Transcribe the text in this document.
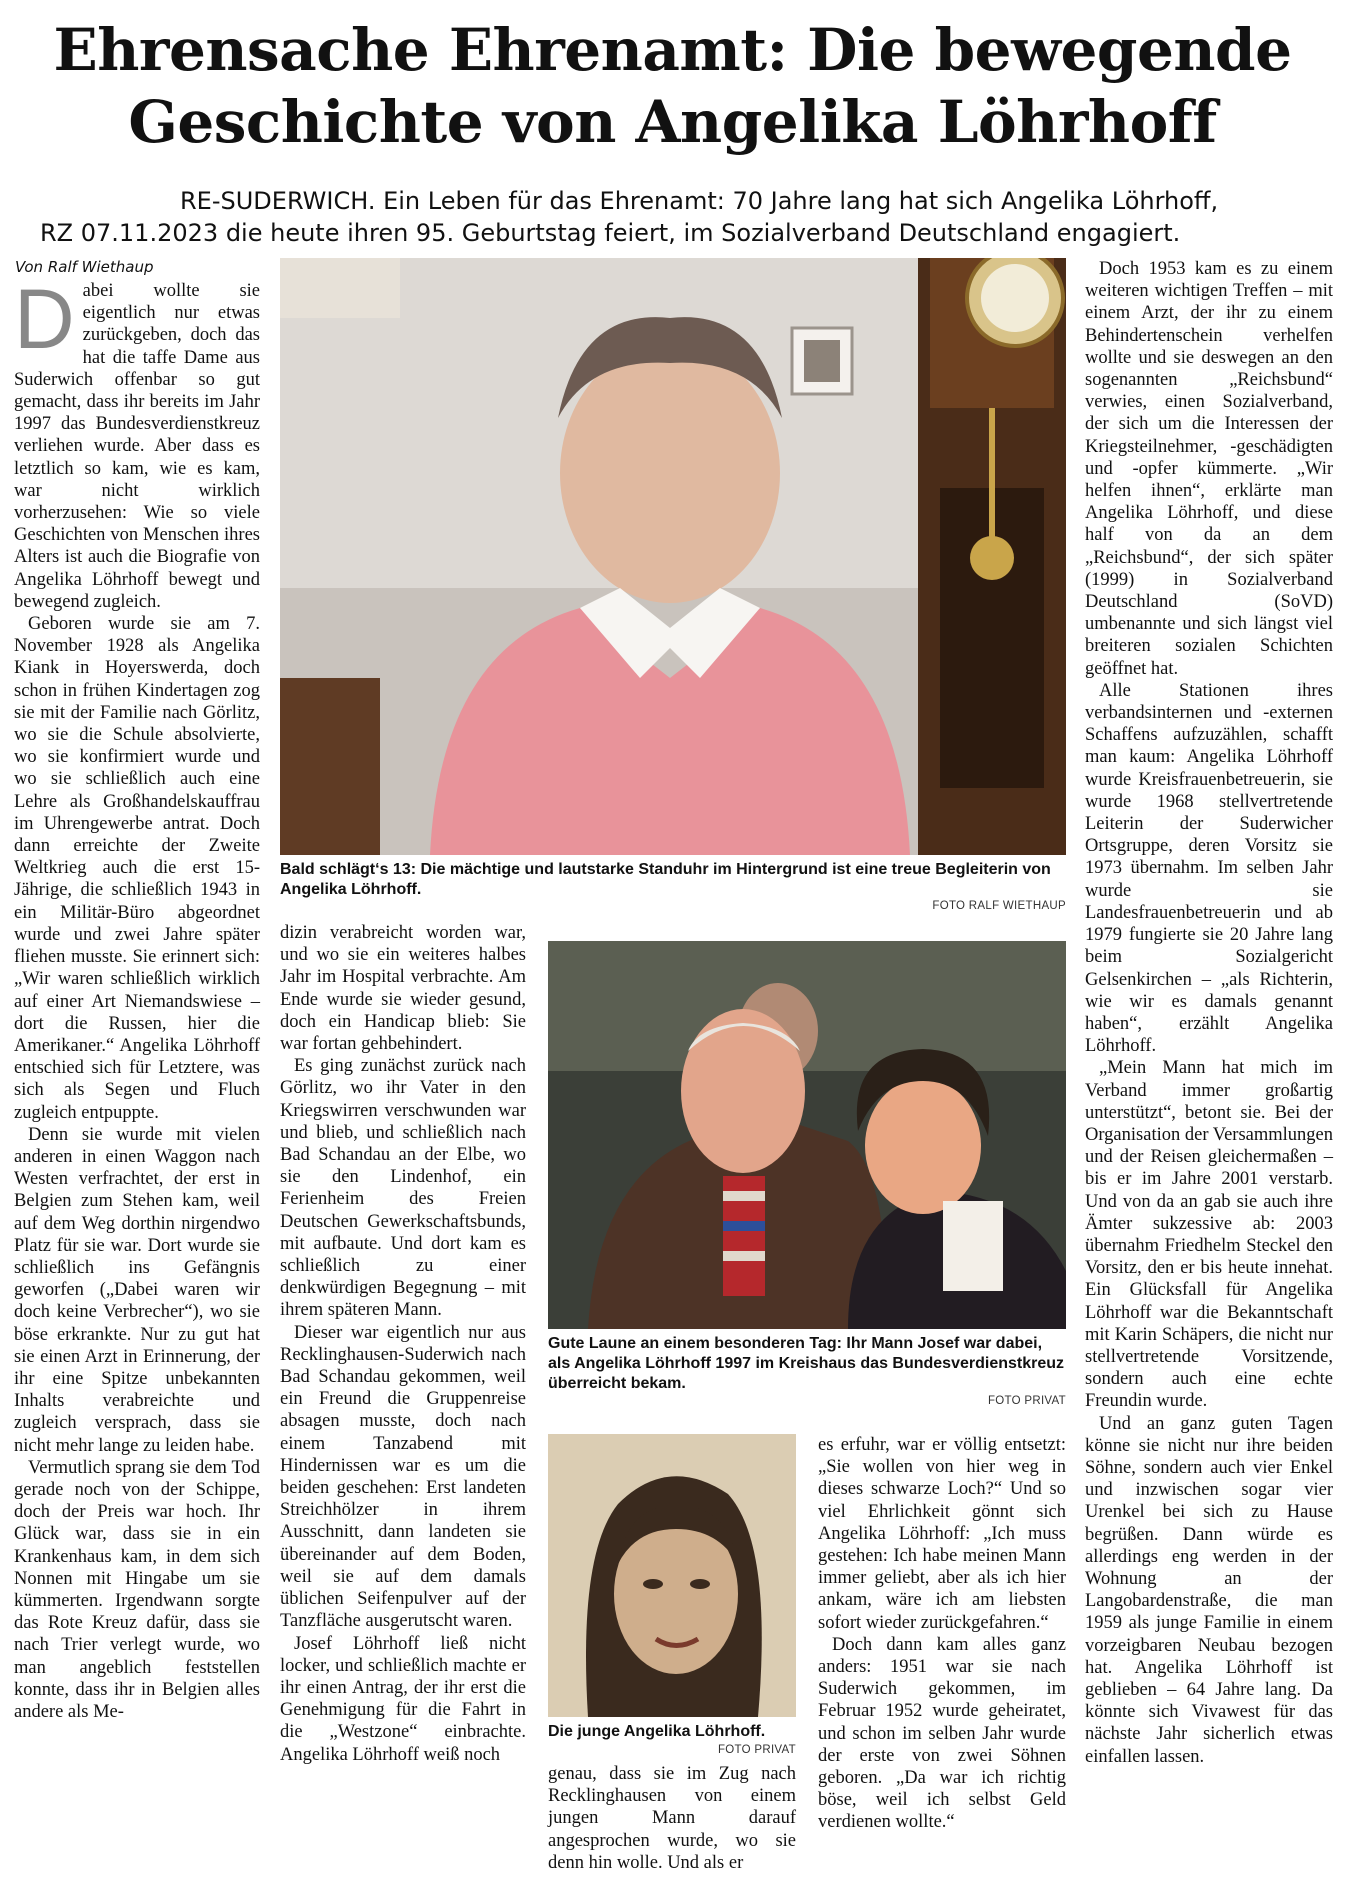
Ehrensache Ehrenamt: Die bewegende
Geschichte von Angelika Löhrhoff
RE-SUDERWICH. Ein Leben für das Ehrenamt: 70 Jahre lang hat sich Angelika Löhrhoff,
RZ 07.11.2023 die heute ihren 95. Geburtstag feiert, im Sozialverband Deutschland engagiert.
Von Ralf Wiethaup

Dabei wollte sie eigentlich nur etwas zurückgeben, doch das hat die taffe Dame aus Suderwich offenbar so gut gemacht, dass ihr bereits im Jahr 1997 das Bundesverdienstkreuz verliehen wurde. Aber dass es letztlich so kam, wie es kam, war nicht wirklich vorherzusehen: Wie so viele Geschichten von Menschen ihres Alters ist auch die Biografie von Angelika Löhrhoff bewegt und bewegend zugleich.

Geboren wurde sie am 7. November 1928 als Angelika Kiank in Hoyerswerda, doch schon in frühen Kindertagen zog sie mit der Familie nach Görlitz, wo sie die Schule absolvierte, wo sie konfirmiert wurde und wo sie schließlich auch eine Lehre als Großhandelskauffrau im Uhrengewerbe antrat. Doch dann erreichte der Zweite Weltkrieg auch die erst 15-Jährige, die schließlich 1943 in ein Militär-Büro abgeordnet wurde und zwei Jahre später fliehen musste. Sie erinnert sich: „Wir waren schließlich wirklich auf einer Art Niemandswiese – dort die Russen, hier die Amerikaner.“ Angelika Löhrhoff entschied sich für Letztere, was sich als Segen und Fluch zugleich entpuppte.

Denn sie wurde mit vielen anderen in einen Waggon nach Westen verfrachtet, der erst in Belgien zum Stehen kam, weil auf dem Weg dorthin nirgendwo Platz für sie war. Dort wurde sie schließlich ins Gefängnis geworfen („Dabei waren wir doch keine Verbrecher“), wo sie böse erkrankte. Nur zu gut hat sie einen Arzt in Erinnerung, der ihr eine Spitze unbekannten Inhalts verabreichte und zugleich versprach, dass sie nicht mehr lange zu leiden habe.

Vermutlich sprang sie dem Tod gerade noch von der Schippe, doch der Preis war hoch. Ihr Glück war, dass sie in ein Krankenhaus kam, in dem sich Nonnen mit Hingabe um sie kümmerten. Irgendwann sorgte das Rote Kreuz dafür, dass sie nach Trier verlegt wurde, wo man angeblich feststellen konnte, dass ihr in Belgien alles andere als Me-

Bald schlägt‘s 13: Die mächtige und lautstarke Standuhr im Hintergrund ist eine treue Begleiterin von Angelika Löhrhoff.
FOTO RALF WIETHAUP

dizin verabreicht worden war, und wo sie ein weiteres halbes Jahr im Hospital verbrachte. Am Ende wurde sie wieder gesund, doch ein Handicap blieb: Sie war fortan gehbehindert.

Es ging zunächst zurück nach Görlitz, wo ihr Vater in den Kriegswirren verschwunden war und blieb, und schließlich nach Bad Schandau an der Elbe, wo sie den Lindenhof, ein Ferienheim des Freien Deutschen Gewerkschaftsbunds, mit aufbaute. Und dort kam es schließlich zu einer denkwürdigen Begegnung – mit ihrem späteren Mann.

Dieser war eigentlich nur aus Recklinghausen-Suderwich nach Bad Schandau gekommen, weil ein Freund die Gruppenreise absagen musste, doch nach einem Tanzabend mit Hindernissen war es um die beiden geschehen: Erst landeten Streichhölzer in ihrem Ausschnitt, dann landeten sie übereinander auf dem Boden, weil sie auf dem damals üblichen Seifenpulver auf der Tanzfläche ausgerutscht waren.

Josef Löhrhoff ließ nicht locker, und schließlich machte er ihr einen Antrag, der ihr erst die Genehmigung für die Fahrt in die „Westzone“ einbrachte. Angelika Löhrhoff weiß noch

Gute Laune an einem besonderen Tag: Ihr Mann Josef war dabei, als Angelika Löhrhoff 1997 im Kreishaus das Bundesverdienstkreuz überreicht bekam.
FOTO PRIVAT
Die junge Angelika Löhrhoff.
FOTO PRIVAT

genau, dass sie im Zug nach Recklinghausen von einem jungen Mann darauf angesprochen wurde, wo sie denn hin wolle. Und als er

es erfuhr, war er völlig entsetzt: „Sie wollen von hier weg in dieses schwarze Loch?“ Und so viel Ehrlichkeit gönnt sich Angelika Löhrhoff: „Ich muss gestehen: Ich habe meinen Mann immer geliebt, aber als ich hier ankam, wäre ich am liebsten sofort wieder zurückgefahren.“

Doch dann kam alles ganz anders: 1951 war sie nach Suderwich gekommen, im Februar 1952 wurde geheiratet, und schon im selben Jahr wurde der erste von zwei Söhnen geboren. „Da war ich richtig böse, weil ich selbst Geld verdienen wollte.“

Doch 1953 kam es zu einem weiteren wichtigen Treffen – mit einem Arzt, der ihr zu einem Behindertenschein verhelfen wollte und sie deswegen an den sogenannten „Reichsbund“ verwies, einen Sozialverband, der sich um die Interessen der Kriegsteilnehmer, -geschädigten und -opfer kümmerte. „Wir helfen ihnen“, erklärte man Angelika Löhrhoff, und diese half von da an dem „Reichsbund“, der sich später (1999) in Sozialverband Deutschland (SoVD) umbenannte und sich längst viel breiteren sozialen Schichten geöffnet hat.

Alle Stationen ihres verbandsinternen und -externen Schaffens aufzuzählen, schafft man kaum: Angelika Löhrhoff wurde Kreisfrauenbetreuerin, sie wurde 1968 stellvertretende Leiterin der Suderwicher Ortsgruppe, deren Vorsitz sie 1973 übernahm. Im selben Jahr wurde sie Landesfrauenbetreuerin und ab 1979 fungierte sie 20 Jahre lang beim Sozialgericht Gelsenkirchen – „als Richterin, wie wir es damals genannt haben“, erzählt Angelika Löhrhoff.

„Mein Mann hat mich im Verband immer großartig unterstützt“, betont sie. Bei der Organisation der Versammlungen und der Reisen gleichermaßen – bis er im Jahre 2001 verstarb. Und von da an gab sie auch ihre Ämter sukzessive ab: 2003 übernahm Friedhelm Steckel den Vorsitz, den er bis heute innehat. Ein Glücksfall für Angelika Löhrhoff war die Bekanntschaft mit Karin Schäpers, die nicht nur stellvertretende Vorsitzende, sondern auch eine echte Freundin wurde.

Und an ganz guten Tagen könne sie nicht nur ihre beiden Söhne, sondern auch vier Enkel und inzwischen sogar vier Urenkel bei sich zu Hause begrüßen. Dann würde es allerdings eng werden in der Wohnung an der Langobardenstraße, die man 1959 als junge Familie in einem vorzeigbaren Neubau bezogen hat. Angelika Löhrhoff ist geblieben – 64 Jahre lang. Da könnte sich Vivawest für das nächste Jahr sicherlich etwas einfallen lassen.
